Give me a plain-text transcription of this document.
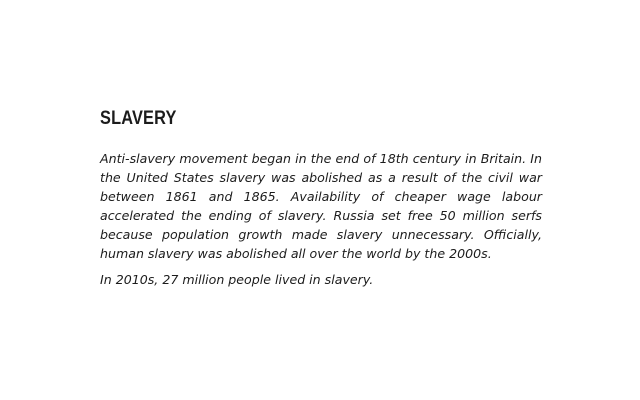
SLAVERY

Anti-slavery movement began in the end of 18th century in Britain. In the United States slavery was abolished as a result of the civil war between 1861 and 1865. Availability of cheaper wage labour accelerated the ending of slavery. Russia set free 50 million serfs because population growth made slavery unnecessary. Officially, human slavery was abolished all over the world by the 2000s.

In 2010s, 27 million people lived in slavery.
